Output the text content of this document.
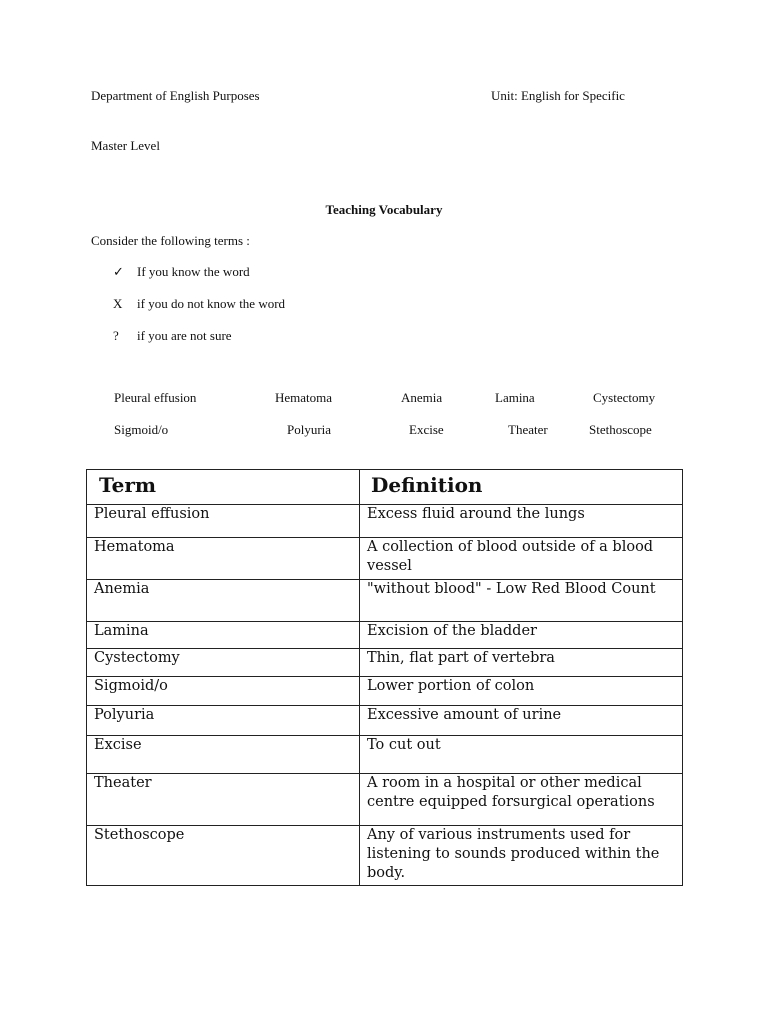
Department of English Purposes	Unit: English for Specific
Master Level
Teaching Vocabulary
Consider the following terms :
✓ If you know the word
X if you do not know the word
? if you are not sure
Pleural effusion	Hematoma	Anemia	Lamina	Cystectomy
Sigmoid/o	Polyuria	Excise	Theater	Stethoscope
Term	Definition
Pleural effusion	Excess fluid around the lungs
Hematoma	A collection of blood outside of a blood vessel
Anemia	"without blood" - Low Red Blood Count
Lamina	Excision of the bladder
Cystectomy	Thin, flat part of vertebra
Sigmoid/o	Lower portion of colon
Polyuria	Excessive amount of urine
Excise	To cut out
Theater	A room in a hospital or other medical centre equipped forsurgical operations
Stethoscope	Any of various instruments used for listening to sounds produced within the body.
